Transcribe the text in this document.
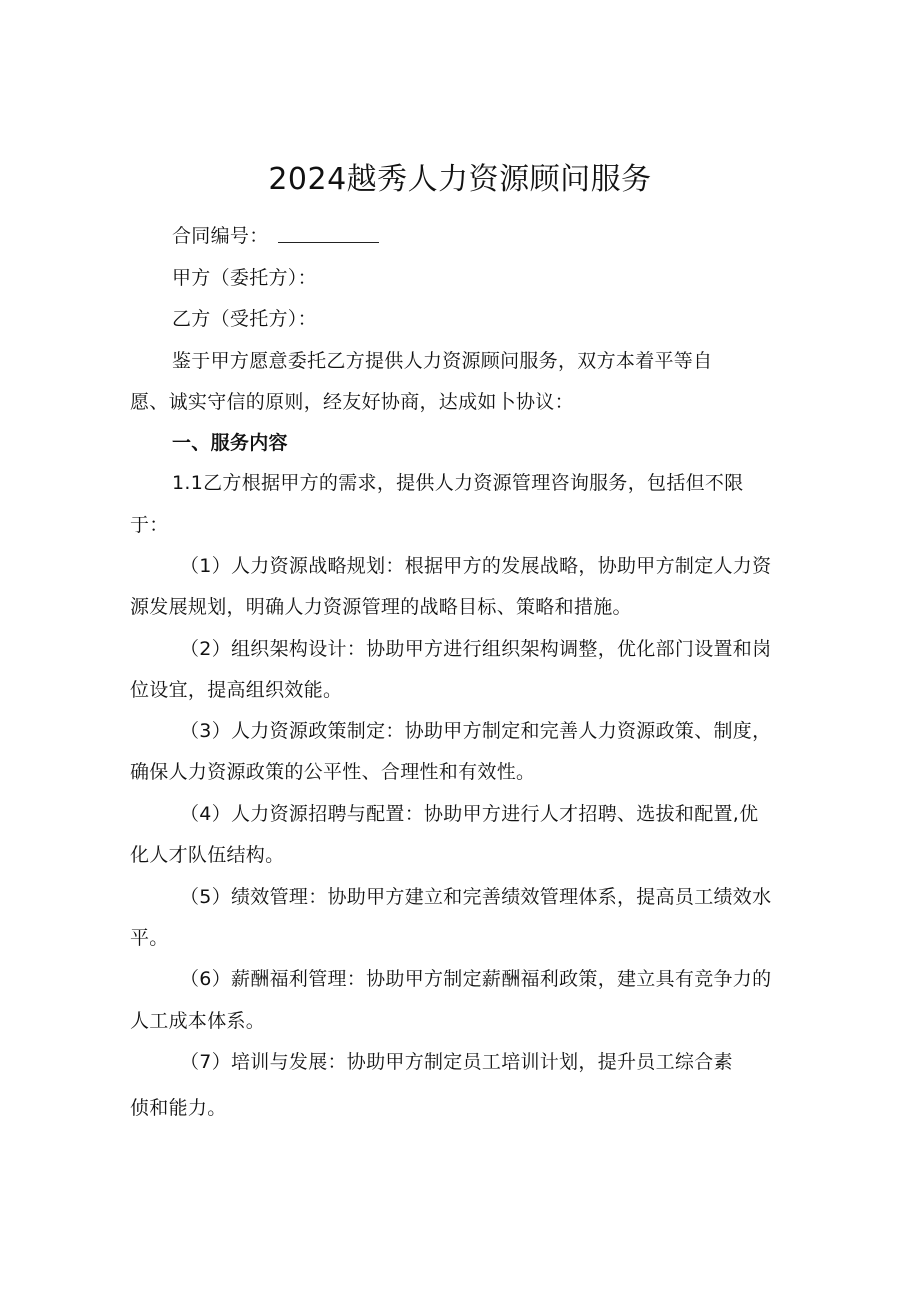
2024越秀人力资源顾问服务
合同编号：
甲方（委托方）：
乙方（受托方）：
鉴于甲方愿意委托乙方提供人力资源顾问服务，双方本着平等自
愿、诚实守信的原则，经友好协商，达成如卜协议：
一、服务内容
1.1乙方根据甲方的需求，提供人力资源管理咨询服务，包括但不限
于：
（1）人力资源战略规划：根据甲方的发展战略，协助甲方制定人力资
源发展规划，明确人力资源管理的战略目标、策略和措施。
（2）组织架构设计：协助甲方进行组织架构调整，优化部门设置和岗
位设宜，提高组织效能。
（3）人力资源政策制定：协助甲方制定和完善人力资源政策、制度，
确保人力资源政策的公平性、合理性和有效性。
（4）人力资源招聘与配置：协助甲方进行人才招聘、选拔和配置,优
化人才队伍结构。
（5）绩效管理：协助甲方建立和完善绩效管理体系，提高员工绩效水
平。
（6）薪酬福利管理：协助甲方制定薪酬福利政策，建立具有竞争力的
人工成本体系。
（7）培训与发展：协助甲方制定员工培训计划，提升员工综合素
侦和能力。
